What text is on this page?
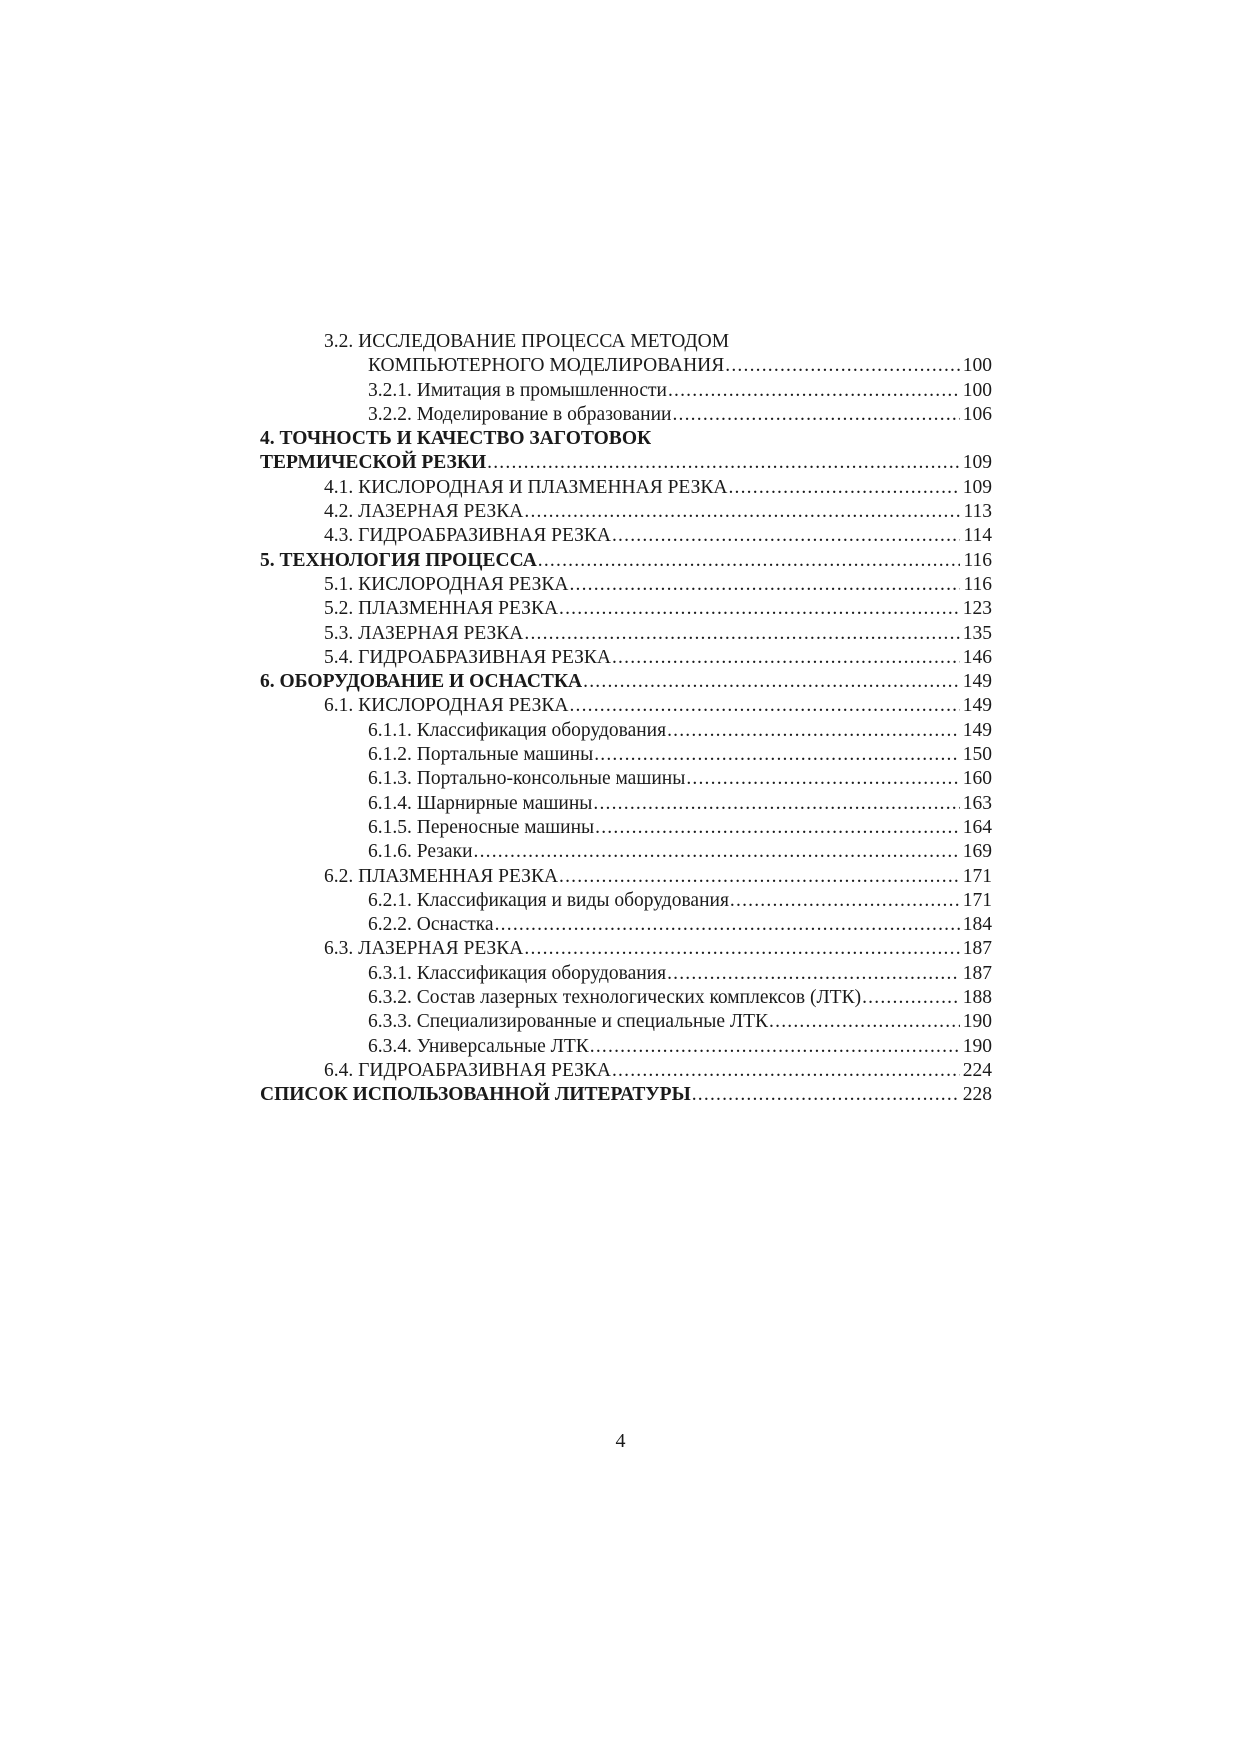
3.2. ИССЛЕДОВАНИЕ ПРОЦЕССА МЕТОДОМ
КОМПЬЮТЕРНОГО МОДЕЛИРОВАНИЯ .....	100
3.2.1. Имитация в промышленности .....	100
3.2.2. Моделирование в образовании .....	106
4. ТОЧНОСТЬ И КАЧЕСТВО ЗАГОТОВОК
ТЕРМИЧЕСКОЙ РЕЗКИ .....	109
4.1. КИСЛОРОДНАЯ И ПЛАЗМЕННАЯ РЕЗКА .....	109
4.2. ЛАЗЕРНАЯ РЕЗКА .....	113
4.3. ГИДРОАБРАЗИВНАЯ РЕЗКА .....	114
5. ТЕХНОЛОГИЯ ПРОЦЕССА .....	116
5.1. КИСЛОРОДНАЯ РЕЗКА .....	116
5.2. ПЛАЗМЕННАЯ РЕЗКА .....	123
5.3. ЛАЗЕРНАЯ РЕЗКА .....	135
5.4. ГИДРОАБРАЗИВНАЯ РЕЗКА .....	146
6. ОБОРУДОВАНИЕ И ОСНАСТКА .....	149
6.1. КИСЛОРОДНАЯ РЕЗКА .....	149
6.1.1. Классификация оборудования .....	149
6.1.2. Портальные машины .....	150
6.1.3. Портально-консольные машины .....	160
6.1.4. Шарнирные машины .....	163
6.1.5. Переносные машины .....	164
6.1.6. Резаки .....	169
6.2. ПЛАЗМЕННАЯ РЕЗКА .....	171
6.2.1. Классификация и виды оборудования .....	171
6.2.2. Оснастка .....	184
6.3. ЛАЗЕРНАЯ РЕЗКА .....	187
6.3.1. Классификация оборудования .....	187
6.3.2. Состав лазерных технологических комплексов (ЛТК) .....	188
6.3.3. Специализированные и специальные ЛТК .....	190
6.3.4. Универсальные ЛТК .....	190
6.4. ГИДРОАБРАЗИВНАЯ РЕЗКА .....	224
СПИСОК ИСПОЛЬЗОВАННОЙ ЛИТЕРАТУРЫ .....	228
4
